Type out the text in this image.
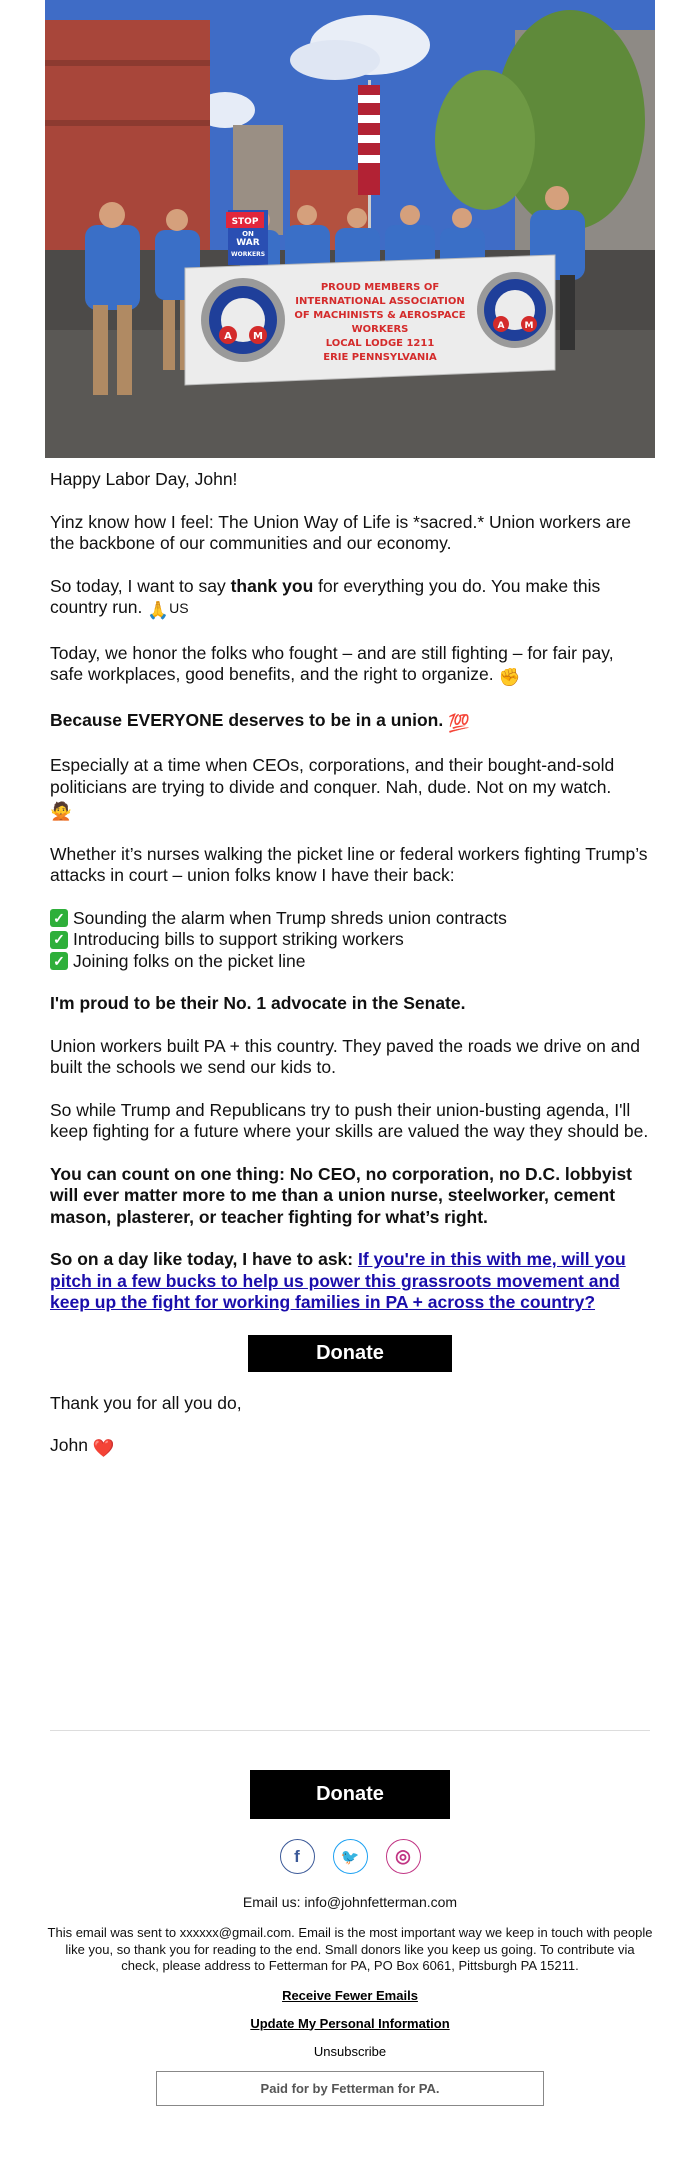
STOP
WAR
ON
WORKERS
A M
A M
PROUD MEMBERS OF
INTERNATIONAL ASSOCIATION
OF MACHINISTS & AEROSPACE
WORKERS
LOCAL LODGE 1211
ERIE PENNSYLVANIA

Happy Labor Day, John!

Yinz know how I feel: The Union Way of Life is *sacred.* Union workers are the backbone of our communities and our economy.

So today, I want to say thank you for everything you do. You make this country run. 🙏US

Today, we honor the folks who fought – and are still fighting – for fair pay, safe workplaces, good benefits, and the right to organize. ✊

Because EVERYONE deserves to be in a union. 💯

Especially at a time when CEOs, corporations, and their bought-and-sold politicians are trying to divide and conquer. Nah, dude. Not on my watch.
🙅

Whether it’s nurses walking the picket line or federal workers fighting Trump’s attacks in court – union folks know I have their back:

✓ Sounding the alarm when Trump shreds union contracts
✓ Introducing bills to support striking workers
✓ Joining folks on the picket line

I'm proud to be their No. 1 advocate in the Senate.

Union workers built PA + this country. They paved the roads we drive on and built the schools we send our kids to.

So while Trump and Republicans try to push their union-busting agenda, I'll keep fighting for a future where your skills are valued the way they should be.

You can count on one thing: No CEO, no corporation, no D.C. lobbyist will ever matter more to me than a union nurse, steelworker, cement mason, plasterer, or teacher fighting for what’s right.

So on a day like today, I have to ask: If you're in this with me, will you pitch in a few bucks to help us power this grassroots movement and keep up the fight for working families in PA + across the country?

Donate

Thank you for all you do,

John ❤️

Donate
f	🐦	◎
Email us: info@johnfetterman.com
This email was sent to xxxxxx@gmail.com. Email is the most important way we keep in touch with people like you, so thank you for reading to the end. Small donors like you keep us going. To contribute via check, please address to Fetterman for PA, PO Box 6061, Pittsburgh PA 15211.
Receive Fewer Emails
Update My Personal Information
Unsubscribe
Paid for by Fetterman for PA.
